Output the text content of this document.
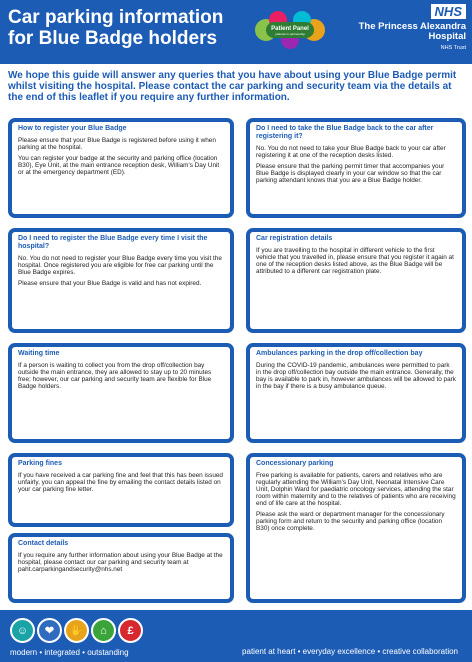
Car parking information
for Blue Badge holders	Patient Panel
patients in partnership
NHS
The Princess Alexandra
Hospital
NHS Trust
We hope this guide will answer any queries that you have about using your Blue Badge permit whilst visiting the hospital. Please contact the car parking and security team via the details at the end of this leaflet if you require any further information.
How to register your Blue Badge

Please ensure that your Blue Badge is registered before using it when parking at the hospital.

You can register your badge at the security and parking office (location B30), Eye Unit, at the main entrance reception desk, William's Day Unit or at the emergency department (ED).

Do I need to register the Blue Badge every time I visit the hospital?

No. You do not need to register your Blue Badge every time you visit the hospital. Once registered you are eligible for free car parking until the Blue Badge expires.

Please ensure that your Blue Badge is valid and has not expired.

Waiting time

If a person is waiting to collect you from the drop off/collection bay outside the main entrance, they are allowed to stay up to 20 minutes free; however, our car parking and security team are flexible for Blue Badge holders.

Parking fines

If you have received a car parking fine and feel that this has been issued unfairly, you can appeal the fine by emailing the contact details listed on your car parking fine letter.

Contact details

If you require any further information about using your Blue Badge at the hospital, please contact our car parking and security team at paht.carparkingandsecurity@nhs.net

Do I need to take the Blue Badge back to the car after registering it?

No. You do not need to take your Blue Badge back to your car after registering it at one of the reception desks listed.

Please ensure that the parking permit timer that accompanies your Blue Badge is displayed clearly in your car window so that the car parking attendant knows that you are a Blue Badge holder.

Car registration details

If you are travelling to the hospital in different vehicle to the first vehicle that you travelled in, please ensure that you register it again at one of the reception desks listed above, as the Blue Badge will be attributed to a different car registration plate.

Ambulances parking in the drop off/collection bay

During the COVID-19 pandemic, ambulances were permitted to park in the drop off/collection bay outside the main entrance. Generally, the bay is available to park in, however ambulances will be allowed to park in the bay if there is a busy ambulance queue.

Concessionary parking

Free parking is available for patients, carers and relatives who are regularly attending the William's Day Unit, Neonatal Intensive Care Unit, Dolphin Ward for paediatric oncology services, attending the star room within maternity and to the relatives of patients who are receiving end of life care at the hospital.

Please ask the ward or department manager for the concessionary parking form and return to the security and parking office (location B30) once complete.

☺	❤	✋	⌂	£
modern • integrated • outstanding	patient at heart • everyday excellence • creative collaboration
